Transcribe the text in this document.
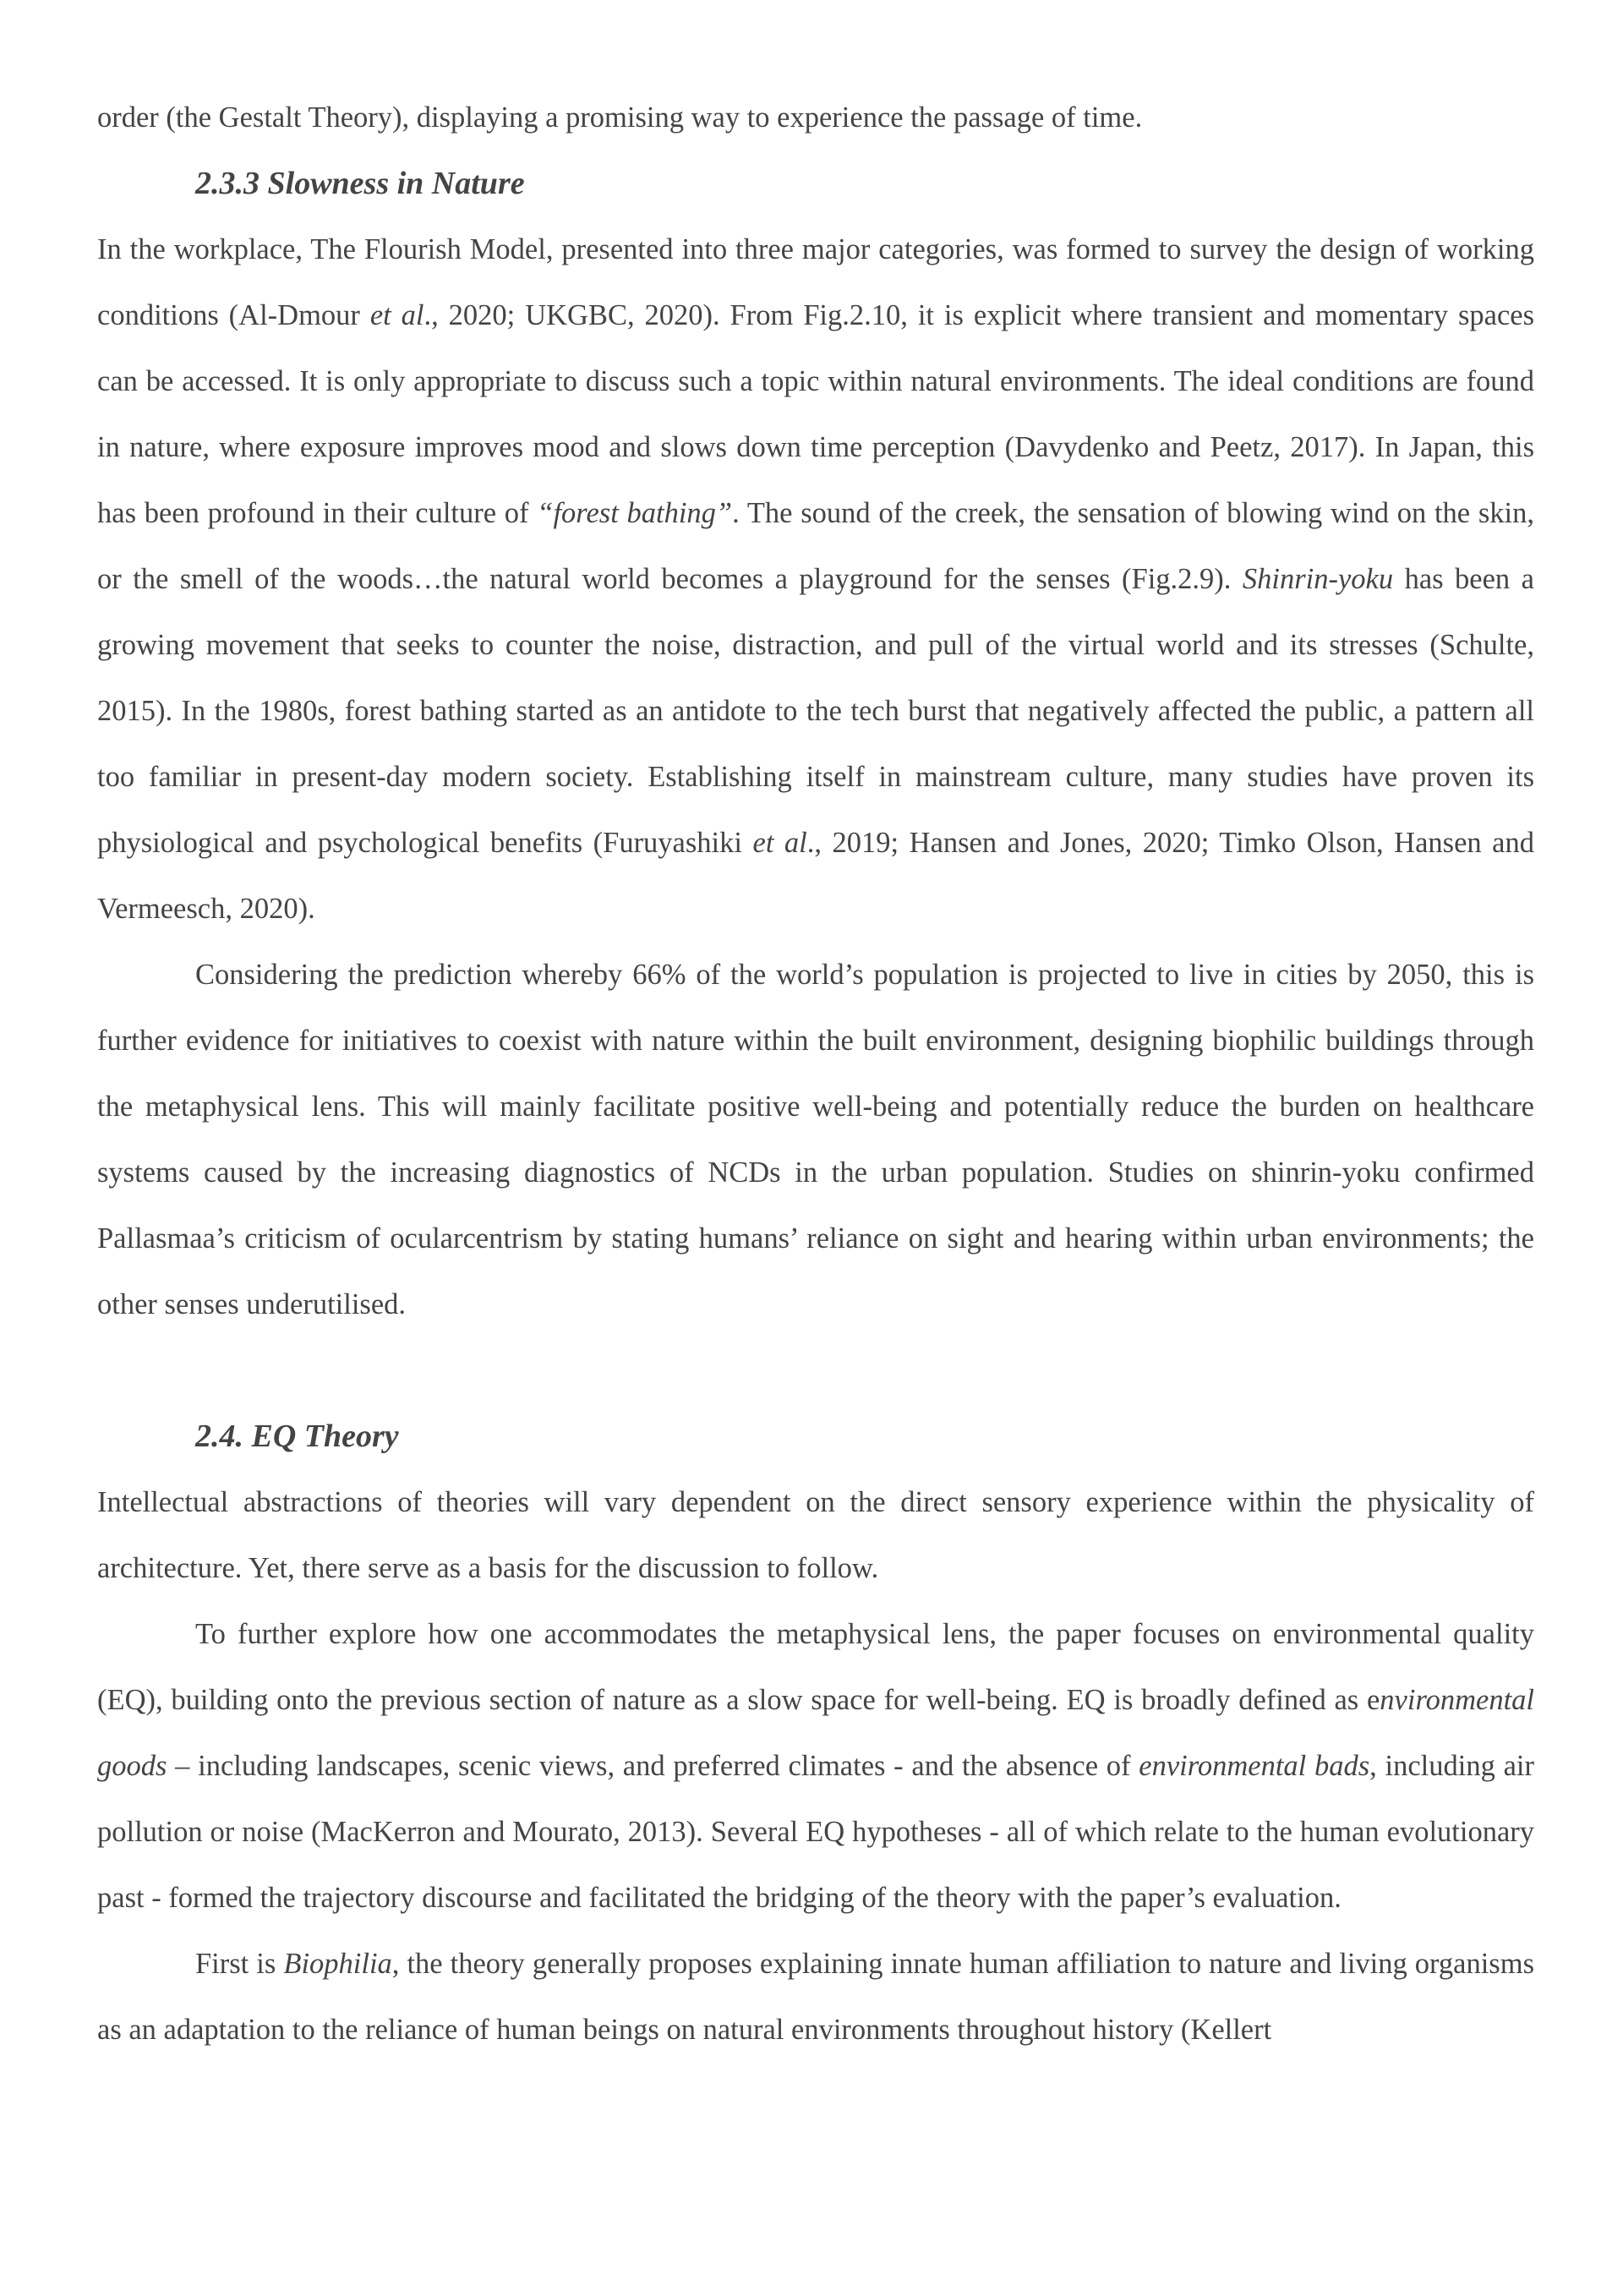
order (the Gestalt Theory), displaying a promising way to experience the passage of time.

2.3.3 Slowness in Nature

In the workplace, The Flourish Model, presented into three major categories, was formed to survey the design of working conditions (Al-Dmour et al., 2020; UKGBC, 2020). From Fig.2.10, it is explicit where transient and momentary spaces can be accessed. It is only appropriate to discuss such a topic within natural environments. The ideal conditions are found in nature, where exposure improves mood and slows down time perception (Davydenko and Peetz, 2017). In Japan, this has been profound in their culture of “forest bathing”. The sound of the creek, the sensation of blowing wind on the skin, or the smell of the woods…the natural world becomes a playground for the senses (Fig.2.9). Shinrin-yoku has been a growing movement that seeks to counter the noise, distraction, and pull of the virtual world and its stresses (Schulte, 2015). In the 1980s, forest bathing started as an antidote to the tech burst that negatively affected the public, a pattern all too familiar in present-day modern society. Establishing itself in mainstream culture, many studies have proven its physiological and psychological benefits (Furuyashiki et al., 2019; Hansen and Jones, 2020; Timko Olson, Hansen and Vermeesch, 2020).

Considering the prediction whereby 66% of the world’s population is projected to live in cities by 2050, this is further evidence for initiatives to coexist with nature within the built environment, designing biophilic buildings through the metaphysical lens. This will mainly facilitate positive well-being and potentially reduce the burden on healthcare systems caused by the increasing diagnostics of NCDs in the urban population. Studies on shinrin-yoku confirmed Pallasmaa’s criticism of ocularcentrism by stating humans’ reliance on sight and hearing within urban environments; the other senses underutilised.

2.4. EQ Theory

Intellectual abstractions of theories will vary dependent on the direct sensory experience within the physicality of architecture. Yet, there serve as a basis for the discussion to follow.

To further explore how one accommodates the metaphysical lens, the paper focuses on environmental quality (EQ), building onto the previous section of nature as a slow space for well-being. EQ is broadly defined as environmental goods – including landscapes, scenic views, and preferred climates - and the absence of environmental bads, including air pollution or noise (MacKerron and Mourato, 2013). Several EQ hypotheses - all of which relate to the human evolutionary past - formed the trajectory discourse and facilitated the bridging of the theory with the paper’s evaluation.

First is Biophilia, the theory generally proposes explaining innate human affiliation to nature and living organisms as an adaptation to the reliance of human beings on natural environments throughout history (Kellert
